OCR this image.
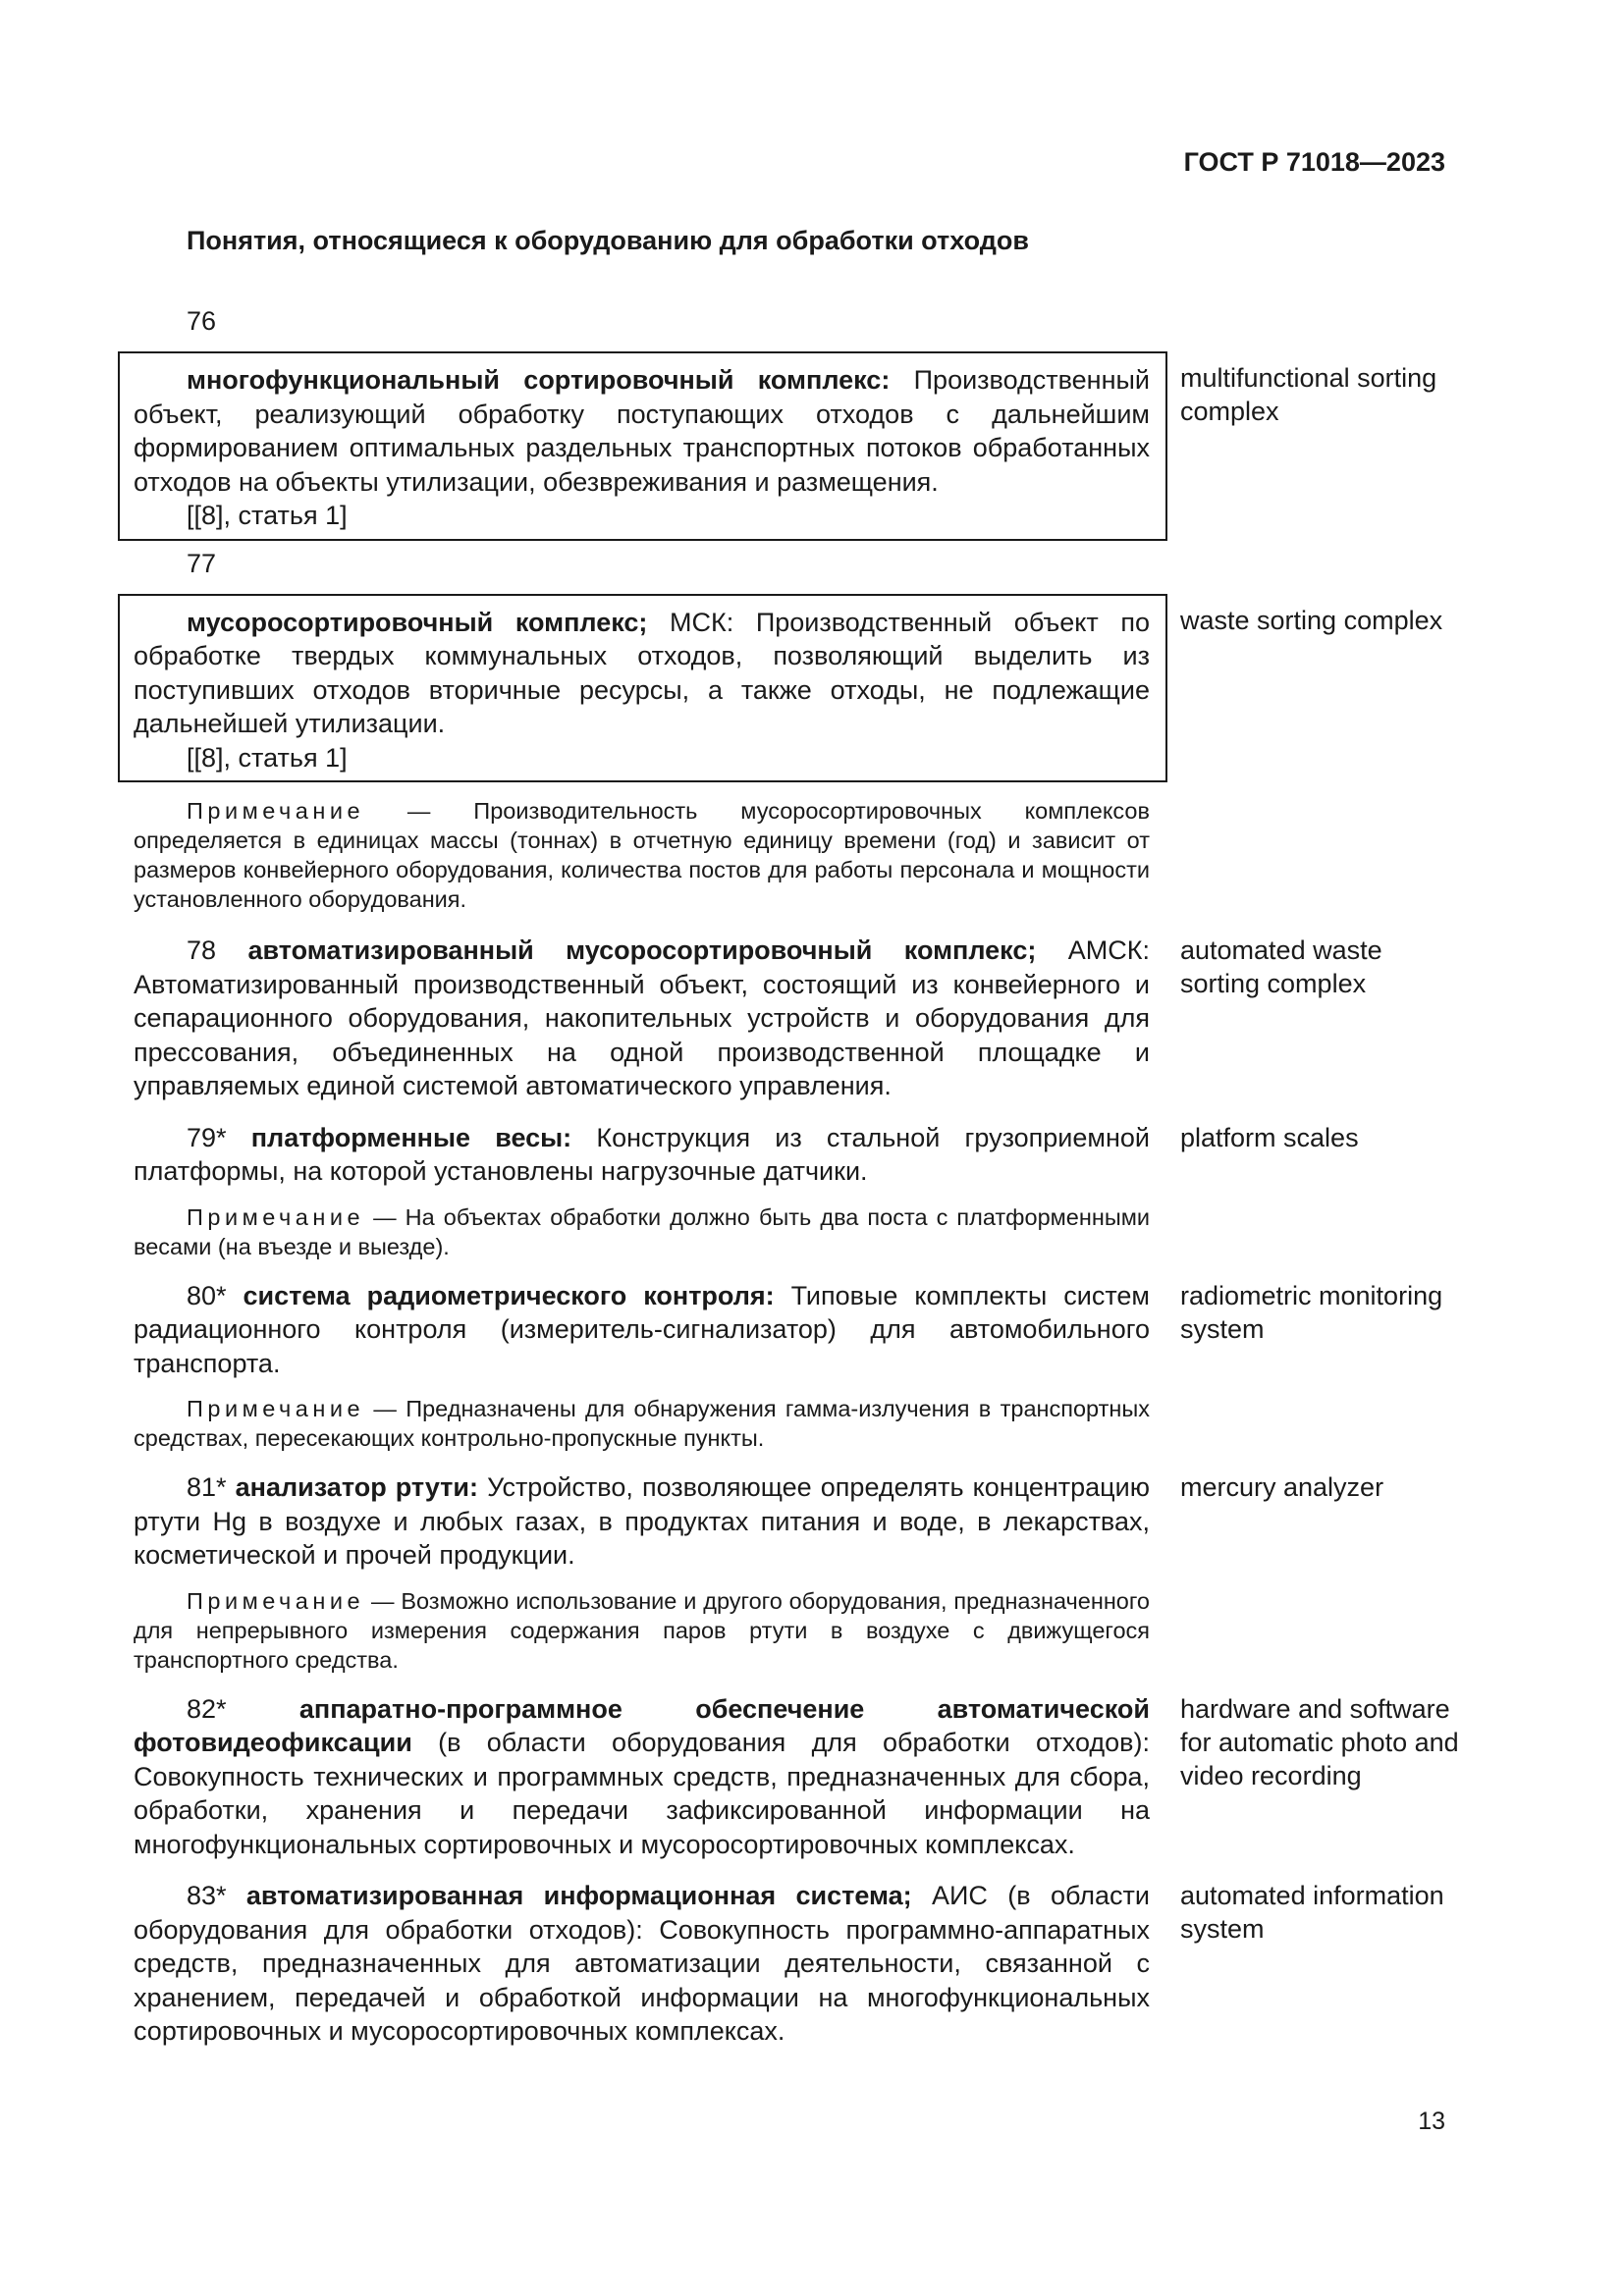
ГОСТ Р 71018—2023
Понятия, относящиеся к оборудованию для обработки отходов
76

многофункциональный сортировочный комплекс: Производственный объект, реализующий обработку поступающих отходов с дальнейшим формированием оптимальных раздельных транспортных потоков обработанных отходов на объекты утилизации, обезвреживания и размещения.

[[8], статья 1]

multifunctional sorting complex
77

мусоросортировочный комплекс; МСК: Производственный объект по обработке твердых коммунальных отходов, позволяющий выделить из поступивших отходов вторичные ресурсы, а также отходы, не подлежащие дальнейшей утилизации.

[[8], статья 1]

waste sorting complex

Примечание — Производительность мусоросортировочных комплексов определяется в единицах массы (тоннах) в отчетную единицу времени (год) и зависит от размеров конвейерного оборудования, количества постов для работы персонала и мощности установленного оборудования.

78 автоматизированный мусоросортировочный комплекс; АМСК: Автоматизированный производственный объект, состоящий из конвейерного и сепарационного оборудования, накопительных устройств и оборудования для прессования, объединенных на одной производственной площадке и управляемых единой системой автоматического управления.

automated waste sorting complex

79* платформенные весы: Конструкция из стальной грузоприемной платформы, на которой установлены нагрузочные датчики.

platform scales

Примечание — На объектах обработки должно быть два поста с платформенными весами (на въезде и выезде).

80* система радиометрического контроля: Типовые комплекты систем радиационного контроля (измеритель-сигнализатор) для автомобильного транспорта.

radiometric monitoring system

Примечание — Предназначены для обнаружения гамма-излучения в транспортных средствах, пересекающих контрольно-пропускные пункты.

81* анализатор ртути: Устройство, позволяющее определять концентрацию ртути Hg в воздухе и любых газах, в продуктах питания и воде, в лекарствах, косметической и прочей продукции.

mercury analyzer

Примечание — Возможно использование и другого оборудования, предназначенного для непрерывного измерения содержания паров ртути в воздухе с движущегося транспортного средства.

82*	аппаратно-программное обеспечение автоматической фотовидеофиксации (в области оборудования для обработки отходов): Совокупность технических и программных средств, предназначенных для сбора, обработки, хранения и передачи зафиксированной информации на многофункциональных сортировочных и мусоросортировочных комплексах.

hardware and software for automatic photo and video recording

83* автоматизированная информационная система; АИС (в области оборудования для обработки отходов): Совокупность программно-аппаратных средств, предназначенных для автоматизации деятельности, связанной с хранением, передачей и обработкой информации на многофункциональных сортировочных и мусоросортировочных комплексах.

automated information system
13
